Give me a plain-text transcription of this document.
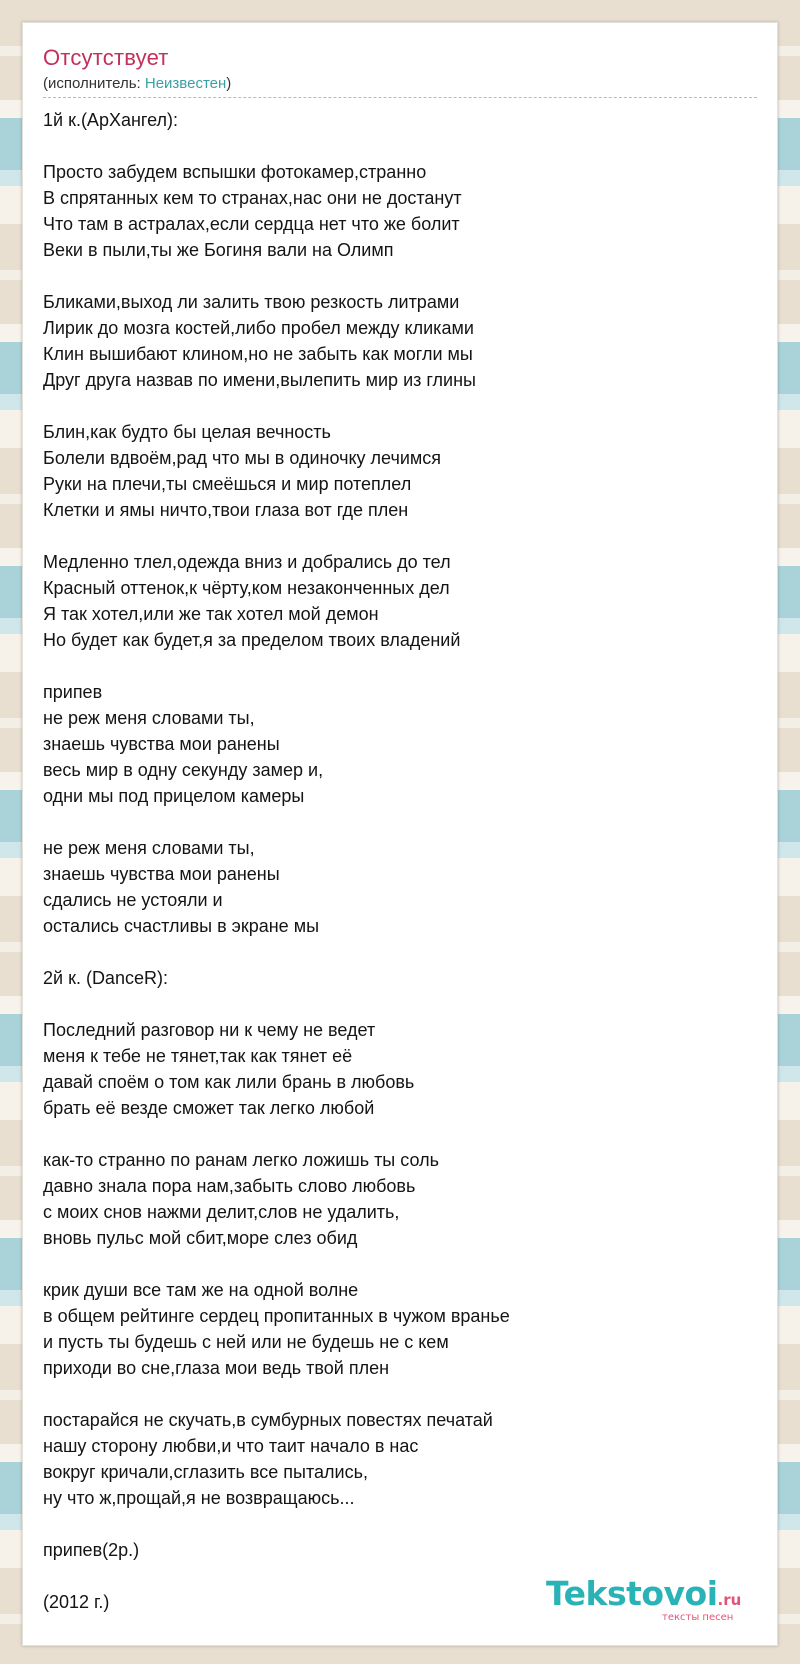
Отсутствует
(исполнитель: Неизвестен)
1й к.(АрХангел):
Просто забудем вспышки фотокамер,странно
В спрятанных кем то странах,нас они не достанут
Что там в астралах,если сердца нет что же болит
Веки в пыли,ты же Богиня вали на Олимп
Бликами,выход ли залить твою резкость литрами
Лирик до мозга костей,либо пробел между кликами
Клин вышибают клином,но не забыть как могли мы
Друг друга назвав по имени,вылепить мир из глины
Блин,как будто бы целая вечность
Болели вдвоём,рад что мы в одиночку лечимся
Руки на плечи,ты смеёшься и мир потеплел
Клетки и ямы ничто,твои глаза вот где плен
Медленно тлел,одежда вниз и добрались до тел
Красный оттенок,к чёрту,ком незаконченных дел
Я так хотел,или же так хотел мой демон
Но будет как будет,я за пределом твоих владений
припев
не реж меня словами ты,
знаешь чувства мои ранены
весь мир в одну секунду замер и,
одни мы под прицелом камеры
не реж меня словами ты,
знаешь чувства мои ранены
сдались не устояли и
остались счастливы в экране мы
2й к. (DanceR):
Последний разговор ни к чему не ведет
меня к тебе не тянет,так как тянет её
давай споём о том как лили брань в любовь
брать её везде сможет так легко любой
как-то странно по ранам легко ложишь ты соль
давно знала пора нам,забыть слово любовь
с моих снов нажми делит,слов не удалить,
вновь пульс мой сбит,море слез обид
крик души все там же на одной волне
в общем рейтинге сердец пропитанных в чужом вранье
и пусть ты будешь с ней или не будешь не с кем
приходи во сне,глаза мои ведь твой плен
постарайся не скучать,в сумбурных повестях печатай
нашу сторону любви,и что таит начало в нас
вокруг кричали,сглазить все пытались,
ну что ж,прощай,я не возвращаюсь...
припев(2р.)
(2012 г.)	Tekstovoi.ru
тексты песен
